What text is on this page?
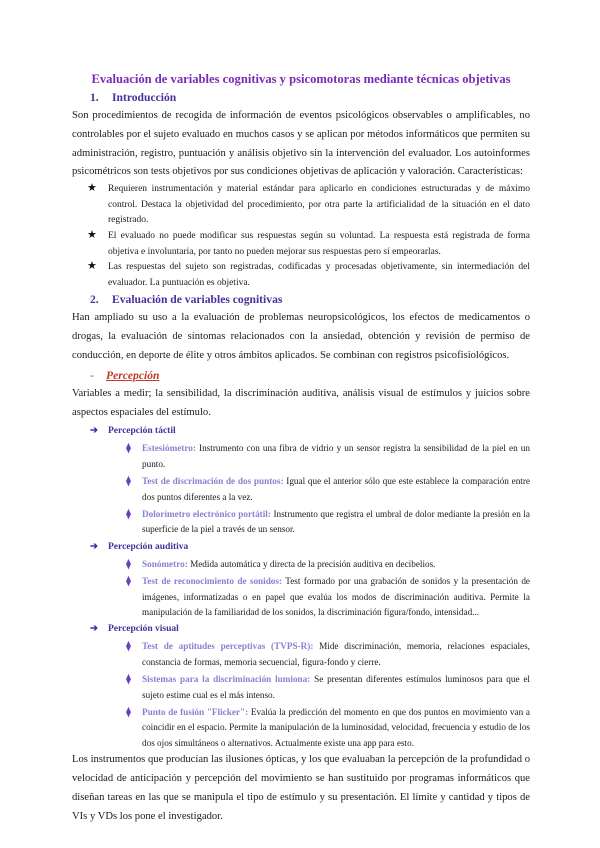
Evaluación de variables cognitivas y psicomotoras mediante técnicas objetivas
1. Introducción

Son procedimientos de recogida de información de eventos psicológicos observables o amplificables, no controlables por el sujeto evaluado en muchos casos y se aplican por métodos informáticos que permiten su administración, registro, puntuación y análisis objetivo sin la intervención del evaluador. Los autoinformes psicométricos son tests objetivos por sus condiciones objetivas de aplicación y valoración. Características:

★ Requieren instrumentación y material estándar para aplicarlo en condiciones estructuradas y de máximo control. Destaca la objetividad del procedimiento, por otra parte la artificialidad de la situación en el dato registrado.
★ El evaluado no puede modificar sus respuestas según su voluntad. La respuesta está registrada de forma objetiva e involuntaria, por tanto no pueden mejorar sus respuestas pero sí empeorarlas.
★ Las respuestas del sujeto son registradas, codificadas y procesadas objetivamente, sin intermediación del evaluador. La puntuación es objetiva.
2. Evaluación de variables cognitivas

Han ampliado su uso a la evaluación de problemas neuropsicológicos, los efectos de medicamentos o drogas, la evaluación de síntomas relacionados con la ansiedad, obtención y revisión de permiso de conducción, en deporte de élite y otros ámbitos aplicados. Se combinan con registros psicofisiológicos.

- Percepción

Variables a medir; la sensibilidad, la discriminación auditiva, análisis visual de estímulos y juicios sobre aspectos espaciales del estímulo.

➔ Percepción táctil
⧫ Estesiómetro: Instrumento con una fibra de vidrio y un sensor registra la sensibilidad de la piel en un punto.
⧫ Test de discrimación de dos puntos: Igual que el anterior sólo que este establece la comparación entre dos puntos diferentes a la vez.
⧫ Dolorímetro electrónico portátil: Instrumento que registra el umbral de dolor mediante la presión en la superficie de la piel a través de un sensor.
➔ Percepción auditiva
⧫ Sonómetro: Medida automática y directa de la precisión auditiva en decibelios.
⧫ Test de reconocimiento de sonidos: Test formado por una grabación de sonidos y la presentación de imágenes, informatizadas o en papel que evalúa los modos de discriminación auditiva. Permite la manipulación de la familiaridad de los sonidos, la discriminación figura/fondo, intensidad...
➔ Percepción visual
⧫ Test de aptitudes perceptivas (TVPS-R): Mide discriminación, memoria, relaciones espaciales, constancia de formas, memoria secuencial, figura-fondo y cierre.
⧫ Sistemas para la discriminación lumiona: Se presentan diferentes estímulos luminosos para que el sujeto estime cual es el más intenso.
⧫ Punto de fusión "Flicker": Evalúa la predicción del momento en que dos puntos en movimiento van a coincidir en el espacio. Permite la manipulación de la luminosidad, velocidad, frecuencia y estudio de los dos ojos simultáneos o alternativos. Actualmente existe una app para esto.

Los instrumentos que producían las ilusiones ópticas, y los que evaluaban la percepción de la profundidad o velocidad de anticipación y percepción del movimiento se han sustituido por programas informáticos que diseñan tareas en las que se manipula el tipo de estímulo y su presentación. El límite y cantidad y tipos de VIs y VDs los pone el investigador.
